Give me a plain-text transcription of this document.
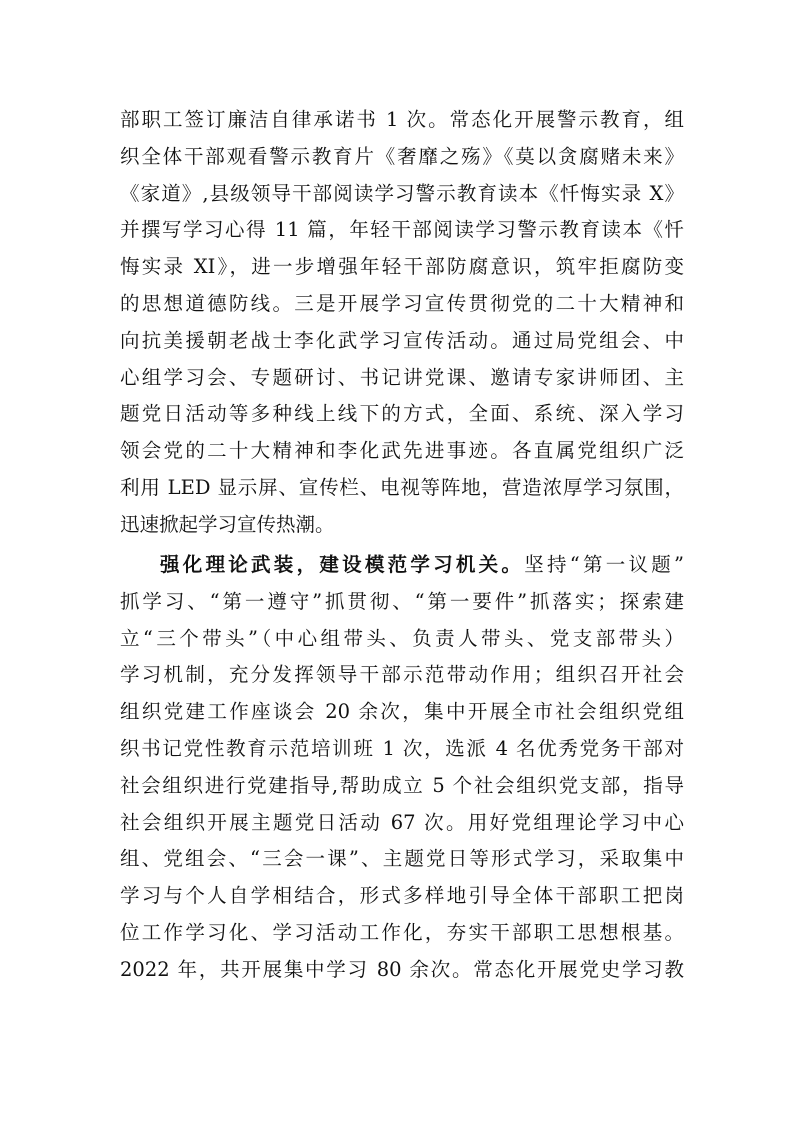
部职工签订廉洁自律承诺书 1 次。常态化开展警示教育，组
织全体干部观看警示教育片《奢靡之殇》《莫以贪腐赌未来》
《家道》,县级领导干部阅读学习警示教育读本《忏悔实录 X》
并撰写学习心得 11 篇，年轻干部阅读学习警示教育读本《忏
悔实录 XI》，进一步增强年轻干部防腐意识，筑牢拒腐防变
的思想道德防线。三是开展学习宣传贯彻党的二十大精神和
向抗美援朝老战士李化武学习宣传活动。通过局党组会、中
心组学习会、专题研讨、书记讲党课、邀请专家讲师团、主
题党日活动等多种线上线下的方式，全面、系统、深入学习
领会党的二十大精神和李化武先进事迹。各直属党组织广泛
利用 LED 显示屏、宣传栏、电视等阵地，营造浓厚学习氛围，
迅速掀起学习宣传热潮。
强化理论武装，建设模范学习机关。坚持“第一议题”
抓学习、“第一遵守”抓贯彻、“第一要件”抓落实；探索建
立“三个带头”（中心组带头、负责人带头、党支部带头）
学习机制，充分发挥领导干部示范带动作用；组织召开社会
组织党建工作座谈会 20 余次，集中开展全市社会组织党组
织书记党性教育示范培训班 1 次，选派 4 名优秀党务干部对
社会组织进行党建指导,帮助成立 5 个社会组织党支部，指导
社会组织开展主题党日活动 67 次。用好党组理论学习中心
组、党组会、“三会一课”、主题党日等形式学习，采取集中
学习与个人自学相结合，形式多样地引导全体干部职工把岗
位工作学习化、学习活动工作化，夯实干部职工思想根基。
2022 年，共开展集中学习 80 余次。常态化开展党史学习教
